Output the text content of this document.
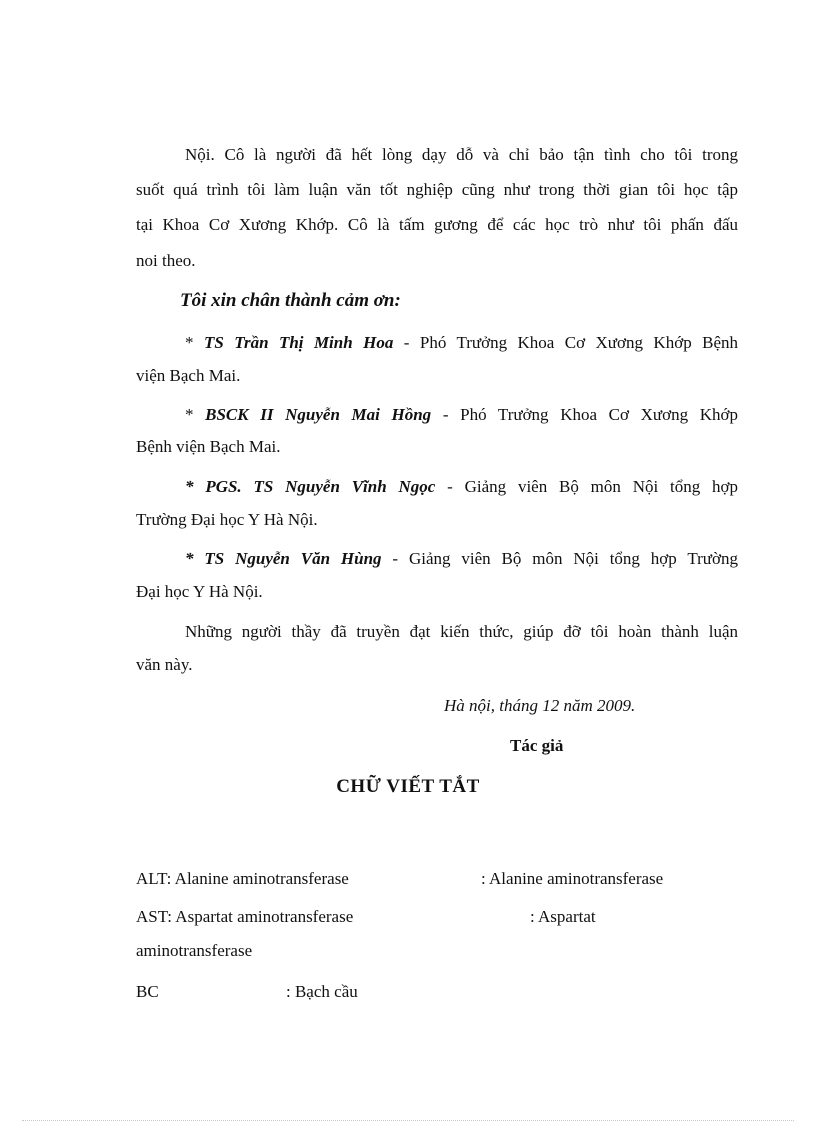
Nội. Cô là người đã hết lòng dạy dỗ và chỉ bảo tận tình cho tôi trong
suốt quá trình tôi làm luận văn tốt nghiệp cũng như trong thời gian tôi học tập
tại Khoa Cơ Xương Khớp. Cô là tấm gương để các học trò như tôi phấn đấu
noi theo.
Tôi xin chân thành cảm ơn:
* TS Trần Thị Minh Hoa - Phó Trưởng Khoa Cơ Xương Khớp Bệnh
viện Bạch Mai.
* BSCK II Nguyễn Mai Hồng - Phó Trưởng Khoa Cơ Xương Khớp
Bệnh viện Bạch Mai.
* PGS. TS Nguyễn Vĩnh Ngọc - Giảng viên Bộ môn Nội tổng hợp
Trường Đại học Y Hà Nội.
* TS Nguyễn Văn Hùng - Giảng viên Bộ môn Nội tổng hợp Trường
Đại học Y Hà Nội.
Những người thầy đã truyền đạt kiến thức, giúp đỡ tôi hoàn thành luận
văn này.
Hà nội, tháng 12 năm 2009.
Tác giả
CHỮ VIẾT TẮT
ALT: Alanine aminotransferase	: Alanine aminotransferase
AST: Aspartat aminotransferase	: Aspartat
aminotransferase
BC	: Bạch cầu
